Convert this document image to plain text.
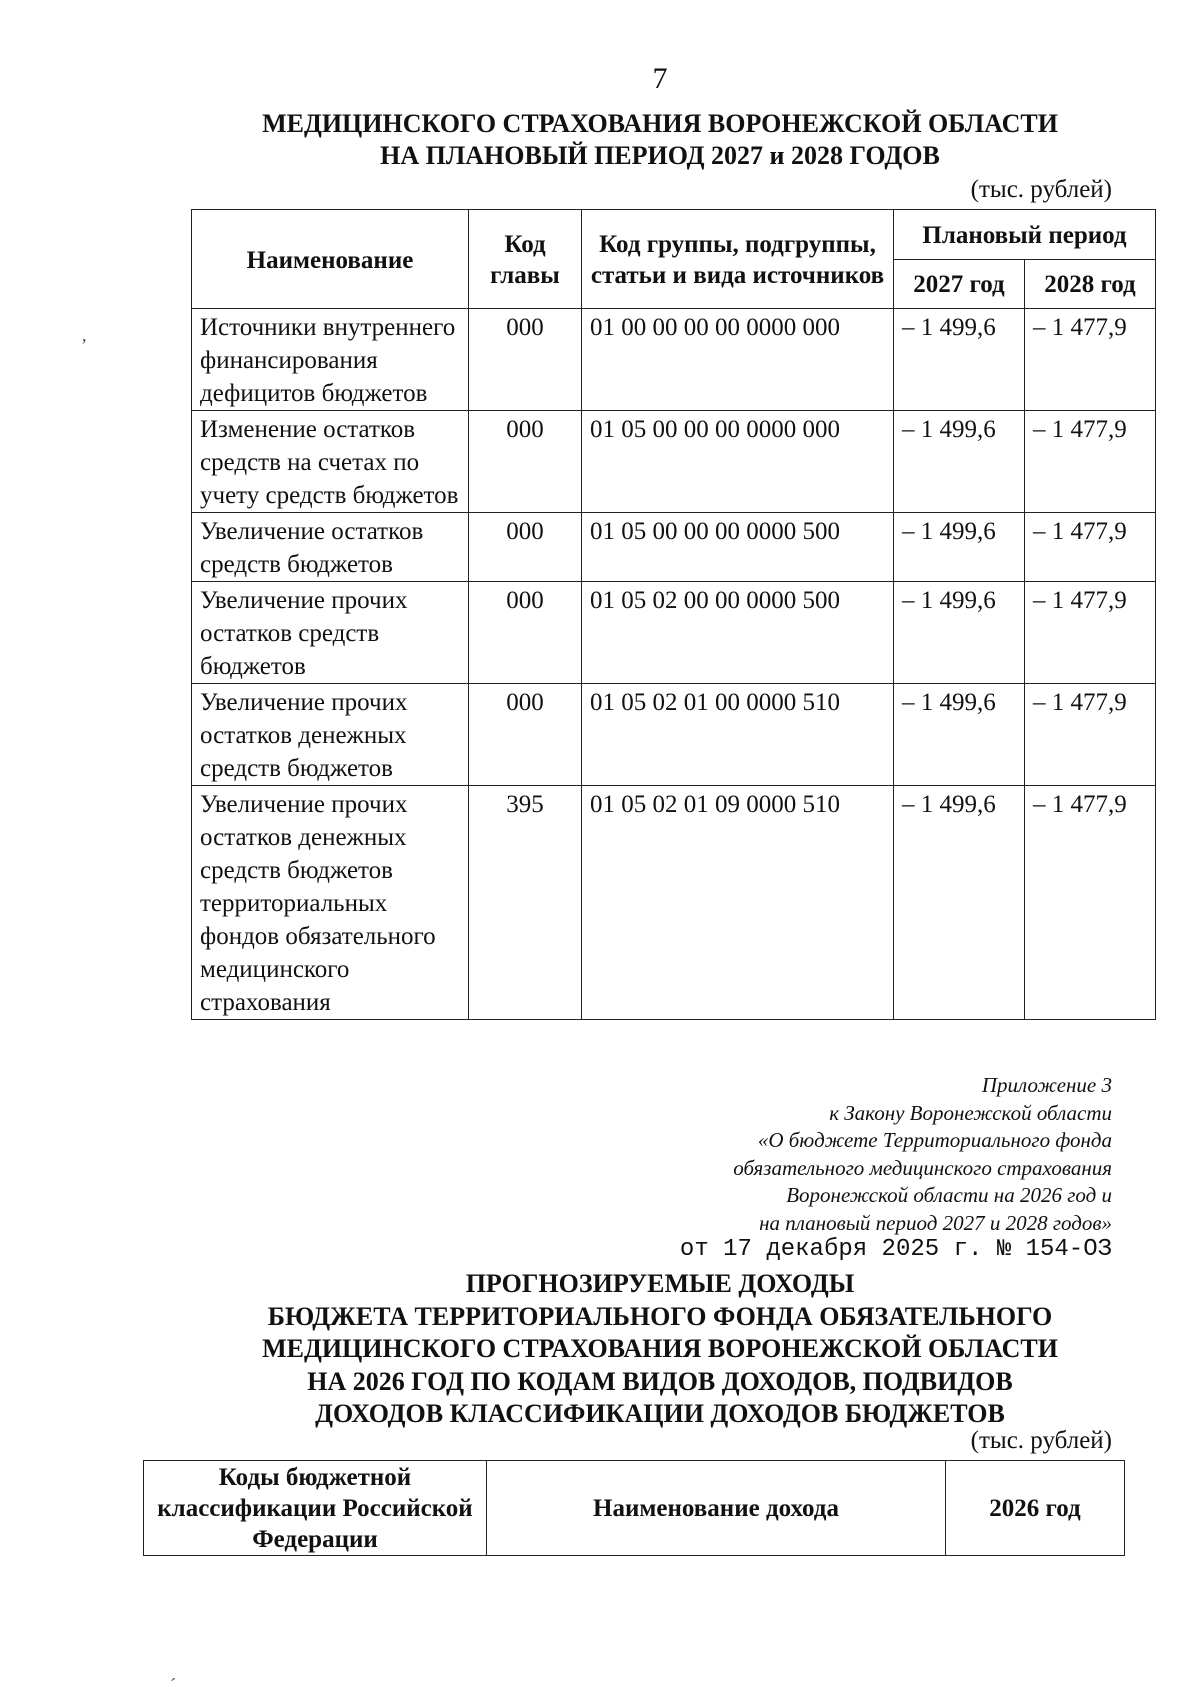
7
МЕДИЦИНСКОГО СТРАХОВАНИЯ ВОРОНЕЖСКОЙ ОБЛАСТИ
НА ПЛАНОВЫЙ ПЕРИОД 2027 и 2028 ГОДОВ
(тыс. рублей)
Наименование	Код главы	Код группы, подгруппы, статьи и вида источников	Плановый период	
			2027 год	2028 год
Источники внутреннего финансирования дефицитов бюджетов	000	01 00 00 00 00 0000 000	– 1 499,6	– 1 477,9
Изменение остатков средств на счетах по учету средств бюджетов	000	01 05 00 00 00 0000 000	– 1 499,6	– 1 477,9
Увеличение остатков средств бюджетов	000	01 05 00 00 00 0000 500	– 1 499,6	– 1 477,9
Увеличение прочих остатков средств бюджетов	000	01 05 02 00 00 0000 500	– 1 499,6	– 1 477,9
Увеличение прочих остатков денежных средств бюджетов	000	01 05 02 01 00 0000 510	– 1 499,6	– 1 477,9
Увеличение прочих остатков денежных средств бюджетов территориальных фондов обязательного медицинского страхования	395	01 05 02 01 09 0000 510	– 1 499,6	– 1 477,9
Приложение 3
к Закону Воронежской области
«О бюджете Территориального фонда
обязательного медицинского страхования
Воронежской области на 2026 год и
на плановый период 2027 и 2028 годов»
от 17 декабря 2025 г. № 154-ОЗ
ПРОГНОЗИРУЕМЫЕ ДОХОДЫ
БЮДЖЕТА ТЕРРИТОРИАЛЬНОГО ФОНДА ОБЯЗАТЕЛЬНОГО
МЕДИЦИНСКОГО СТРАХОВАНИЯ ВОРОНЕЖСКОЙ ОБЛАСТИ
НА 2026 ГОД ПО КОДАМ ВИДОВ ДОХОДОВ, ПОДВИДОВ
ДОХОДОВ КЛАССИФИКАЦИИ ДОХОДОВ БЮДЖЕТОВ
(тыс. рублей)
Коды бюджетной классификации Российской Федерации	Наименование дохода	2026 год
,
´
